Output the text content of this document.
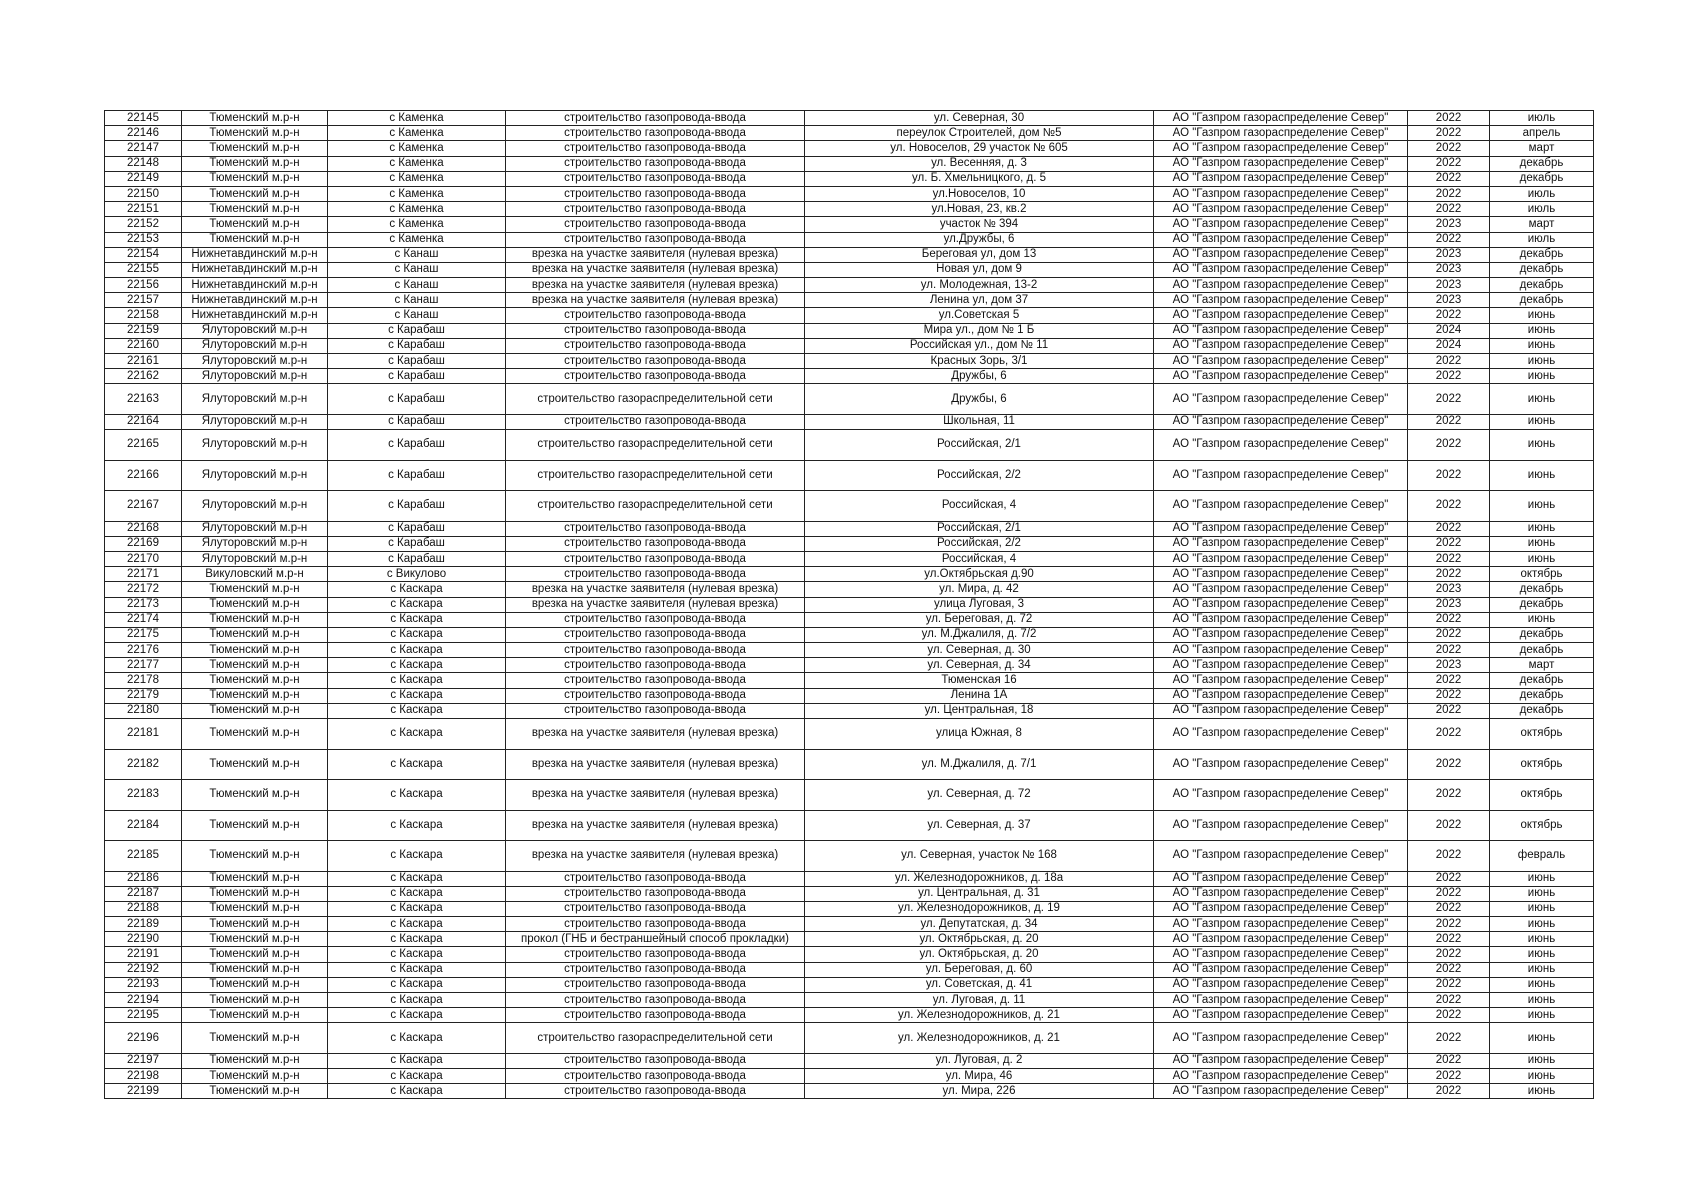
22145	Тюменский м.р-н	с Каменка	строительство газопровода-ввода	ул. Северная, 30	АО "Газпром газораспределение Север"	2022	июль
22146	Тюменский м.р-н	с Каменка	строительство газопровода-ввода	переулок Строителей, дом №5	АО "Газпром газораспределение Север"	2022	апрель
22147	Тюменский м.р-н	с Каменка	строительство газопровода-ввода	ул. Новоселов, 29 участок № 605	АО "Газпром газораспределение Север"	2022	март
22148	Тюменский м.р-н	с Каменка	строительство газопровода-ввода	ул. Весенняя, д. 3	АО "Газпром газораспределение Север"	2022	декабрь
22149	Тюменский м.р-н	с Каменка	строительство газопровода-ввода	ул. Б. Хмельницкого, д. 5	АО "Газпром газораспределение Север"	2022	декабрь
22150	Тюменский м.р-н	с Каменка	строительство газопровода-ввода	ул.Новоселов, 10	АО "Газпром газораспределение Север"	2022	июль
22151	Тюменский м.р-н	с Каменка	строительство газопровода-ввода	ул.Новая, 23, кв.2	АО "Газпром газораспределение Север"	2022	июль
22152	Тюменский м.р-н	с Каменка	строительство газопровода-ввода	участок № 394	АО "Газпром газораспределение Север"	2023	март
22153	Тюменский м.р-н	с Каменка	строительство газопровода-ввода	ул.Дружбы, 6	АО "Газпром газораспределение Север"	2022	июль
22154	Нижнетавдинский м.р-н	с Канаш	врезка на участке заявителя (нулевая врезка)	Береговая ул, дом 13	АО "Газпром газораспределение Север"	2023	декабрь
22155	Нижнетавдинский м.р-н	с Канаш	врезка на участке заявителя (нулевая врезка)	Новая ул, дом 9	АО "Газпром газораспределение Север"	2023	декабрь
22156	Нижнетавдинский м.р-н	с Канаш	врезка на участке заявителя (нулевая врезка)	ул. Молодежная, 13-2	АО "Газпром газораспределение Север"	2023	декабрь
22157	Нижнетавдинский м.р-н	с Канаш	врезка на участке заявителя (нулевая врезка)	Ленина ул, дом 37	АО "Газпром газораспределение Север"	2023	декабрь
22158	Нижнетавдинский м.р-н	с Канаш	строительство газопровода-ввода	ул.Советская 5	АО "Газпром газораспределение Север"	2022	июнь
22159	Ялуторовский м.р-н	с Карабаш	строительство газопровода-ввода	Мира ул., дом № 1 Б	АО "Газпром газораспределение Север"	2024	июнь
22160	Ялуторовский м.р-н	с Карабаш	строительство газопровода-ввода	Российская ул., дом № 11	АО "Газпром газораспределение Север"	2024	июнь
22161	Ялуторовский м.р-н	с Карабаш	строительство газопровода-ввода	Красных Зорь, 3/1	АО "Газпром газораспределение Север"	2022	июнь
22162	Ялуторовский м.р-н	с Карабаш	строительство газопровода-ввода	Дружбы, 6	АО "Газпром газораспределение Север"	2022	июнь
22163	Ялуторовский м.р-н	с Карабаш	строительство газораспределительной сети	Дружбы, 6	АО "Газпром газораспределение Север"	2022	июнь
22164	Ялуторовский м.р-н	с Карабаш	строительство газопровода-ввода	Школьная, 11	АО "Газпром газораспределение Север"	2022	июнь
22165	Ялуторовский м.р-н	с Карабаш	строительство газораспределительной сети	Российская, 2/1	АО "Газпром газораспределение Север"	2022	июнь
22166	Ялуторовский м.р-н	с Карабаш	строительство газораспределительной сети	Российская, 2/2	АО "Газпром газораспределение Север"	2022	июнь
22167	Ялуторовский м.р-н	с Карабаш	строительство газораспределительной сети	Российская, 4	АО "Газпром газораспределение Север"	2022	июнь
22168	Ялуторовский м.р-н	с Карабаш	строительство газопровода-ввода	Российская, 2/1	АО "Газпром газораспределение Север"	2022	июнь
22169	Ялуторовский м.р-н	с Карабаш	строительство газопровода-ввода	Российская, 2/2	АО "Газпром газораспределение Север"	2022	июнь
22170	Ялуторовский м.р-н	с Карабаш	строительство газопровода-ввода	Российская, 4	АО "Газпром газораспределение Север"	2022	июнь
22171	Викуловский м.р-н	с Викулово	строительство газопровода-ввода	ул.Октябрьская д.90	АО "Газпром газораспределение Север"	2022	октябрь
22172	Тюменский м.р-н	с Каскара	врезка на участке заявителя (нулевая врезка)	ул. Мира, д. 42	АО "Газпром газораспределение Север"	2023	декабрь
22173	Тюменский м.р-н	с Каскара	врезка на участке заявителя (нулевая врезка)	улица Луговая, 3	АО "Газпром газораспределение Север"	2023	декабрь
22174	Тюменский м.р-н	с Каскара	строительство газопровода-ввода	ул. Береговая, д. 72	АО "Газпром газораспределение Север"	2022	июнь
22175	Тюменский м.р-н	с Каскара	строительство газопровода-ввода	ул. М.Джалиля, д. 7/2	АО "Газпром газораспределение Север"	2022	декабрь
22176	Тюменский м.р-н	с Каскара	строительство газопровода-ввода	ул. Северная, д. 30	АО "Газпром газораспределение Север"	2022	декабрь
22177	Тюменский м.р-н	с Каскара	строительство газопровода-ввода	ул. Северная, д. 34	АО "Газпром газораспределение Север"	2023	март
22178	Тюменский м.р-н	с Каскара	строительство газопровода-ввода	Тюменская 16	АО "Газпром газораспределение Север"	2022	декабрь
22179	Тюменский м.р-н	с Каскара	строительство газопровода-ввода	Ленина 1А	АО "Газпром газораспределение Север"	2022	декабрь
22180	Тюменский м.р-н	с Каскара	строительство газопровода-ввода	ул. Центральная, 18	АО "Газпром газораспределение Север"	2022	декабрь
22181	Тюменский м.р-н	с Каскара	врезка на участке заявителя (нулевая врезка)	улица Южная, 8	АО "Газпром газораспределение Север"	2022	октябрь
22182	Тюменский м.р-н	с Каскара	врезка на участке заявителя (нулевая врезка)	ул. М.Джалиля, д. 7/1	АО "Газпром газораспределение Север"	2022	октябрь
22183	Тюменский м.р-н	с Каскара	врезка на участке заявителя (нулевая врезка)	ул. Северная, д. 72	АО "Газпром газораспределение Север"	2022	октябрь
22184	Тюменский м.р-н	с Каскара	врезка на участке заявителя (нулевая врезка)	ул. Северная, д. 37	АО "Газпром газораспределение Север"	2022	октябрь
22185	Тюменский м.р-н	с Каскара	врезка на участке заявителя (нулевая врезка)	ул. Северная, участок № 168	АО "Газпром газораспределение Север"	2022	февраль
22186	Тюменский м.р-н	с Каскара	строительство газопровода-ввода	ул. Железнодорожников, д. 18а	АО "Газпром газораспределение Север"	2022	июнь
22187	Тюменский м.р-н	с Каскара	строительство газопровода-ввода	ул. Центральная, д. 31	АО "Газпром газораспределение Север"	2022	июнь
22188	Тюменский м.р-н	с Каскара	строительство газопровода-ввода	ул. Железнодорожников, д. 19	АО "Газпром газораспределение Север"	2022	июнь
22189	Тюменский м.р-н	с Каскара	строительство газопровода-ввода	ул. Депутатская, д. 34	АО "Газпром газораспределение Север"	2022	июнь
22190	Тюменский м.р-н	с Каскара	прокол (ГНБ и бестраншейный способ прокладки)	ул. Октябрьская, д. 20	АО "Газпром газораспределение Север"	2022	июнь
22191	Тюменский м.р-н	с Каскара	строительство газопровода-ввода	ул. Октябрьская, д. 20	АО "Газпром газораспределение Север"	2022	июнь
22192	Тюменский м.р-н	с Каскара	строительство газопровода-ввода	ул. Береговая, д. 60	АО "Газпром газораспределение Север"	2022	июнь
22193	Тюменский м.р-н	с Каскара	строительство газопровода-ввода	ул. Советская, д. 41	АО "Газпром газораспределение Север"	2022	июнь
22194	Тюменский м.р-н	с Каскара	строительство газопровода-ввода	ул. Луговая, д. 11	АО "Газпром газораспределение Север"	2022	июнь
22195	Тюменский м.р-н	с Каскара	строительство газопровода-ввода	ул. Железнодорожников, д. 21	АО "Газпром газораспределение Север"	2022	июнь
22196	Тюменский м.р-н	с Каскара	строительство газораспределительной сети	ул. Железнодорожников, д. 21	АО "Газпром газораспределение Север"	2022	июнь
22197	Тюменский м.р-н	с Каскара	строительство газопровода-ввода	ул. Луговая, д. 2	АО "Газпром газораспределение Север"	2022	июнь
22198	Тюменский м.р-н	с Каскара	строительство газопровода-ввода	ул. Мира, 46	АО "Газпром газораспределение Север"	2022	июнь
22199	Тюменский м.р-н	с Каскара	строительство газопровода-ввода	ул. Мира, 226	АО "Газпром газораспределение Север"	2022	июнь
